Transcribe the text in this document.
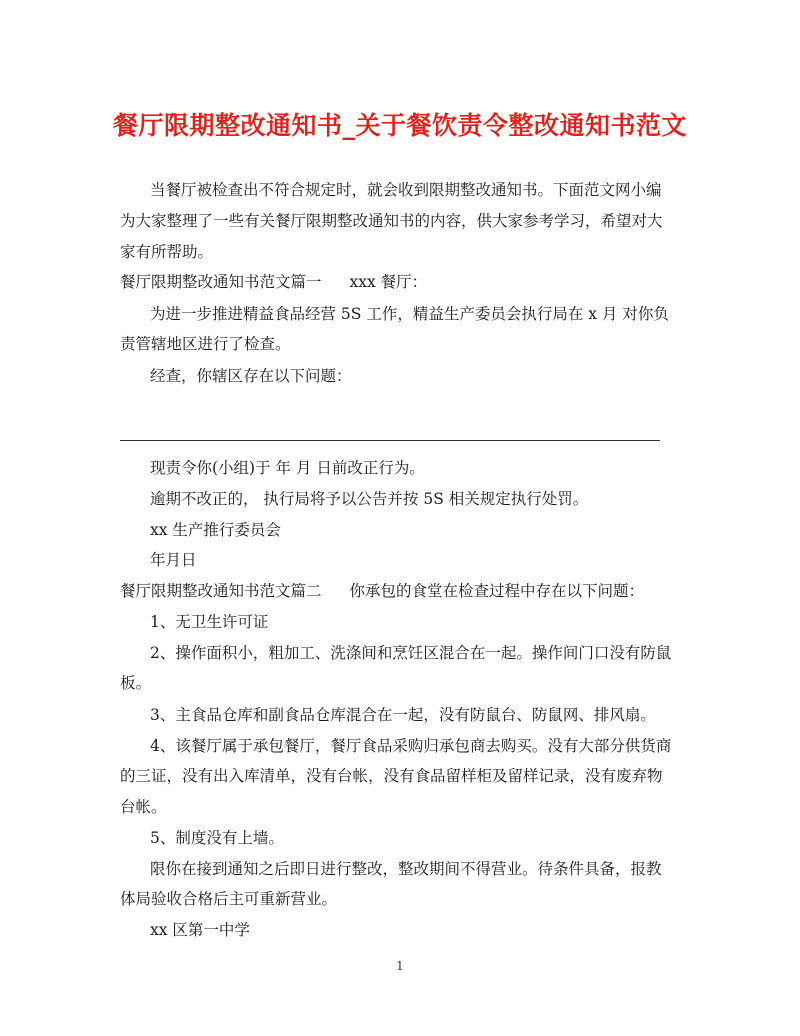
餐厅限期整改通知书_关于餐饮责令整改通知书范文
当餐厅被检查出不符合规定时，就会收到限期整改通知书。下面范文网小编
为大家整理了一些有关餐厅限期整改通知书的内容，供大家参考学习，希望对大
家有所帮助。
餐厅限期整改通知书范文篇一 xxx 餐厅：
为进一步推进精益食品经营 5S 工作，精益生产委员会执行局在 x 月 对你负
责管辖地区进行了检查。
经查，你辖区存在以下问题：
现责令你(小组)于 年 月 日前改正行为。
逾期不改正的， 执行局将予以公告并按 5S 相关规定执行处罚。
xx 生产推行委员会
年月日
餐厅限期整改通知书范文篇二 你承包的食堂在检查过程中存在以下问题：
1、无卫生许可证
2、操作面积小，粗加工、洗涤间和烹饪区混合在一起。操作间门口没有防鼠
板。
3、主食品仓库和副食品仓库混合在一起，没有防鼠台、防鼠网、排风扇。
4、该餐厅属于承包餐厅，餐厅食品采购归承包商去购买。没有大部分供货商
的三证，没有出入库清单，没有台帐，没有食品留样柜及留样记录，没有废弃物
台帐。
5、制度没有上墙。
限你在接到通知之后即日进行整改，整改期间不得营业。待条件具备，报教
体局验收合格后主可重新营业。
xx 区第一中学
1
